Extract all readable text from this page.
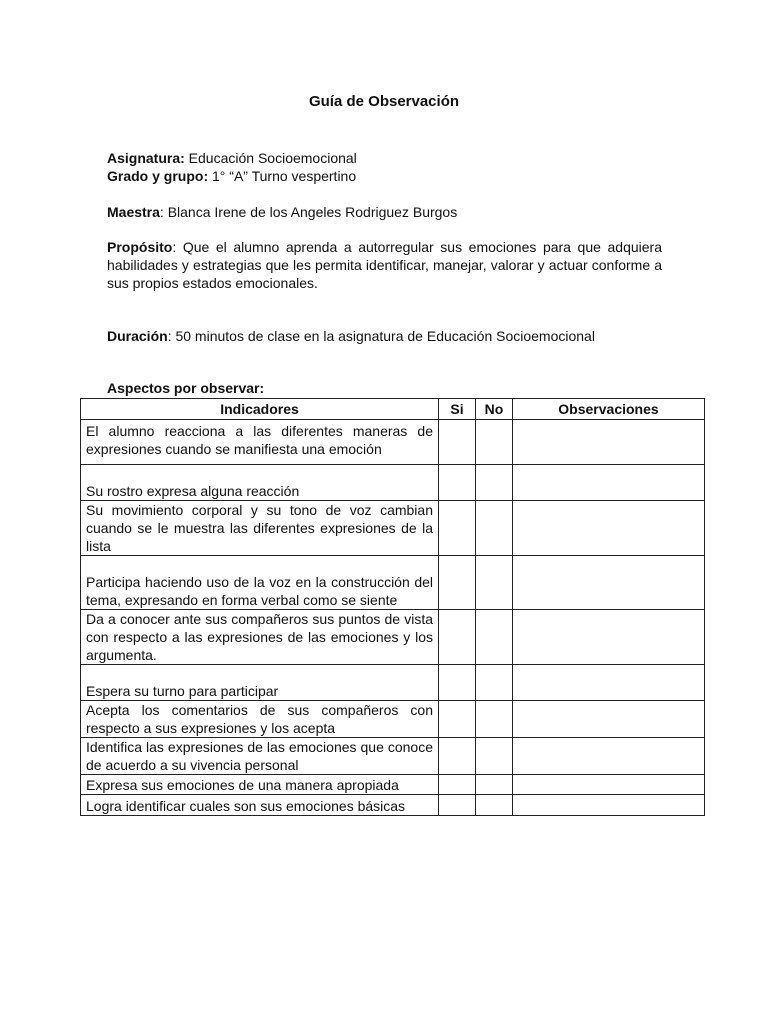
Guía de Observación
Asignatura: Educación Socioemocional
Grado y grupo: 1° “A” Turno vespertino
Maestra: Blanca Irene de los Angeles Rodriguez Burgos
Propósito: Que el alumno aprenda a autorregular sus emociones para que adquiera habilidades y estrategias que les permita identificar, manejar, valorar y actuar conforme a sus propios estados emocionales.
Duración: 50 minutos de clase en la asignatura de Educación Socioemocional
Aspectos por observar:
Indicadores	Si	No	Observaciones
El alumno reacciona a las diferentes maneras de expresiones cuando se manifiesta una emoción			
Su rostro expresa alguna reacción			
Su movimiento corporal y su tono de voz cambian cuando se le muestra las diferentes expresiones de la lista			
Participa haciendo uso de la voz en la construcción del tema, expresando en forma verbal como se siente			
Da a conocer ante sus compañeros sus puntos de vista con respecto a las expresiones de las emociones y los argumenta.			
Espera su turno para participar			
Acepta los comentarios de sus compañeros con respecto a sus expresiones y los acepta			
Identifica las expresiones de las emociones que conoce de acuerdo a su vivencia personal			
Expresa sus emociones de una manera apropiada			
Logra identificar cuales son sus emociones básicas			
